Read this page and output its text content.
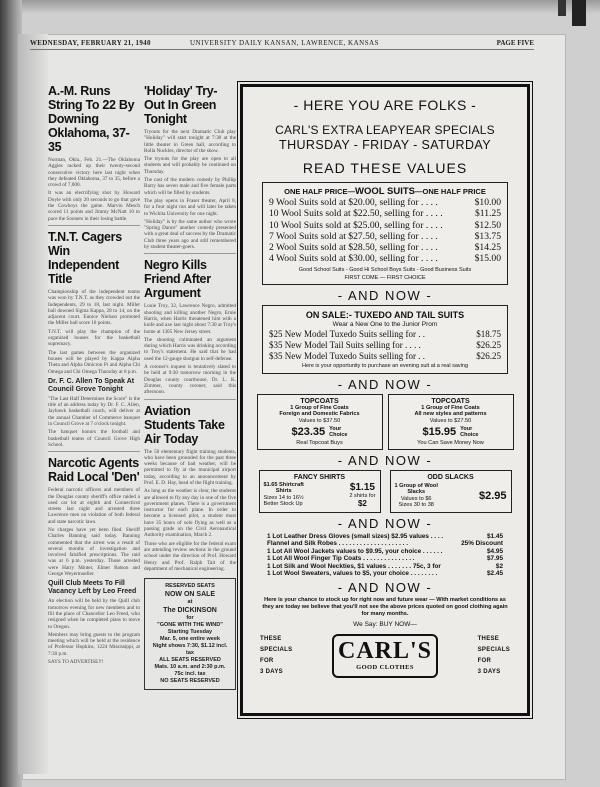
WEDNESDAY, FEBRUARY 21, 1940	UNIVERSITY DAILY KANSAN, LAWRENCE, KANSAS	PAGE FIVE
A.-M. Runs String To 22 By Downing Oklahoma, 37-35
Norman, Okla., Feb. 21.—The Oklahoma Aggies racked up their twenty-second consecutive victory here last night when they defeated Oklahoma, 37 to 35, before a crowd of 7,000.
It was an electrifying shot by Howard Doyle with only 20 seconds to go that gave the Cowboys the game. Marvin Mesch scored 11 points and Jimmy McNatt 10 to pace the Sooners in their losing battle.
T.N.T. Cagers Win Independent Title
Championship of the independent teams was won by T.N.T. as they crowded out the Independents, 29 to 18, last night. Miller ball downed Sigma Kappa, 28 to 14, on the adjacent court. Eunice Nielson promoted the Miller ball score 10 points.
T.N.T. will play the champion of the organized houses for the basketball supremacy.
The last games between the organized houses will be played by Kappa Alpha Theta and Alpha Omicron Pi and Alpha Chi Omega and Chi Omega Thursday at 8 p.m.
Dr. F. C. Allen To Speak At Council Grove Tonight
"The Last Half Determines the Score" is the title of an address today by Dr. F. C. Allen, Jayhawk basketball coach, will deliver at the annual Chamber of Commerce banquet in Council Grove at 7 o'clock tonight.
The banquet honors the football and basketball teams of Council Grove High School.
Narcotic Agents Raid Local 'Den'
Federal narcotic officers and members of the Douglas county sheriff's office raided a used car lot at eighth and Connecticut streets last night and arrested three Lawrence men on violation of both federal and state narcotic laws.
No charges have yet been filed. Sheriff Charles Banning said today. Banning commented that the arrest was a result of several months of investigation and involved falsified prescriptions. The raid was at 6 p.m. yesterday. Those arrested were Harry Minter, Elmer Batson and George Weyermueller.
Quill Club Meets To Fill Vacancy Left by Leo Freed
An election will be held by the Quill club tomorrow evening for new members and to fill the place of Chancellor Leo Freed, who resigned when he completed plans to move to Oregon.
Members may bring guests to the program meeting which will be held at the residence of Professor Hopkins, 1224 Mississippi, at 7:30 p.m.
SAYS TO ADVERTISE!!!
'Holiday' Try-Out In Green Tonight
Tryouts for the next Dramatic Club play "Holiday" will start tonight at 7:30 at the little theater in Green hall, according to Rolla Nuckles, director of the show.
The tryouts for the play are open to all students and will probably be continued on Thursday.
The cast of the modern comedy by Phillip Barry has seven male and five female parts which will be filled by students.
The play opens in Fraser theater, April 8, for a four night run and will later be taken to Wichita University for one night.
"Holiday" is by the same author who wrote "Spring Dance" another comedy presented with a great deal of success by the Dramatic Club three years ago and still remembered by student theater-goers.
Negro Kills Friend After Argument
Louie Troy, 32, Lawrence Negro, admitted shooting and killing another Negro, Ernie Harris, when Harris threatened him with a knife and axe last night about 7:30 at Troy's home at 1305 New Jersey street.
The shooting culminated an argument during which Harris was drinking according to Troy's statement. He said that he had used the 12-gauge shotgun in self-defense.
A coroner's inquest is tentatively slated to be held at 9:30 tomorrow morning in the Douglas county courthouse, Dr. L. K. Zimmer, county coroner, said this afternoon.
Aviation Students Take Air Today
The 50 elementary flight training students, who have been grounded for the past three weeks because of bad weather, will be permitted to fly at the municipal airport today, according to an announcement by Prof. E. D. Hay, head of the flight training.
As long as the weather is clear, the students are allowed to fly any day in one of the five government planes. There is a government instructor for each plane. In order to become a licensed pilot, a student must have 35 hours of solo flying as well as a passing grade on the Civil Aeronautical Authority examination, March 2.
Those who are eligible for the federal exam are attending review sections in the ground school under the direction of Prof. Howard Henry and Prof. Ralph Tait of the department of mechanical engineering.
RESERVED SEATS
NOW ON SALE
at
The DICKINSON
for
"GONE WITH THE WIND"
Starting Tuesday
Mar. 5, one entire week
Night shows 7:30, $1.12 incl. tax
ALL SEATS RESERVED
Mats. 10 a.m. and 2:30 p.m.
75c incl. tax
NO SEATS RESERVED
- HERE YOU ARE FOLKS -
CARL'S EXTRA LEAPYEAR SPECIALS
THURSDAY - FRIDAY - SATURDAY
READ THESE VALUES
ONE HALF PRICE—WOOL SUITS—ONE HALF PRICE
9 Wool Suits sold at $20.00, selling for . . . .	$10.00
10 Wool Suits sold at $22.50, selling for . . . .	$11.25
10 Wool Suits sold at $25.00, selling for . . . .	$12.50
7 Wool Suits sold at $27.50, selling for . . . .	$13.75
2 Wool Suits sold at $28.50, selling for . . . .	$14.25
4 Wool Suits sold at $30.00, selling for . . . .	$15.00
Good School Suits - Good Hi School Boys Suits - Good Business Suits
FIRST COME — FIRST CHOICE
- AND NOW -
ON SALE:- TUXEDO AND TAIL SUITS
Wear a New One to the Junior Prom
$25 New Model Tuxedo Suits selling for . .	$18.75
$35 New Model Tail Suits selling for . . . .	$26.25
$35 New Model Tuxedo Suits selling for . .	$26.25
Here is your opportunity to purchase an evening suit at a real saving
- AND NOW -
TOPCOATS
1 Group of Fine Coats
Foreign and Domestic Fabrics
Values to $37.50
$23.35 Your
Choice
Real Topcoat Buys
TOPCOATS
1 Group of Fine Coats
All new styles and patterns
Values to $27.50
$15.95 Your
Choice
You Can Save Money Now
- AND NOW -
FANCY SHIRTS
$1.65 Shirtcraft
Shirts
Sizes 14 to 16½
Better Stock Up
$1.15
2 shirts for
$2
ODD SLACKS
1 Group of Wool
Slacks
Values to $6
Sizes 30 to 38
$2.95
- AND NOW -
1 Lot Leather Dress Gloves (small sizes) $2.95 values . . . .	$1.45
Flannel and Silk Robes . . . . . . . . . . . . . . . . . . . .	25% Discount
1 Lot All Wool Jackets values to $9.95, your choice . . . . . .	$4.95
1 Lot All Wool Finger Tip Coats . . . . . . . . . . . . . . .	$7.95
1 Lot Silk and Wool Neckties, $1 values . . . . . . . 75c, 3 for	$2
1 Lot Wool Sweaters, values to $5, your choice . . . . . . . .	$2.45
- AND NOW -
Here is your chance to stock up for right now and future wear — With market conditions as they are today we believe that you'll not see the above prices quoted on good clothing again for many months.
We Say: BUY NOW—
THESE
SPECIALS
FOR
3 DAYS
CARL'S
GOOD CLOTHES
THESE
SPECIALS
FOR
3 DAYS
